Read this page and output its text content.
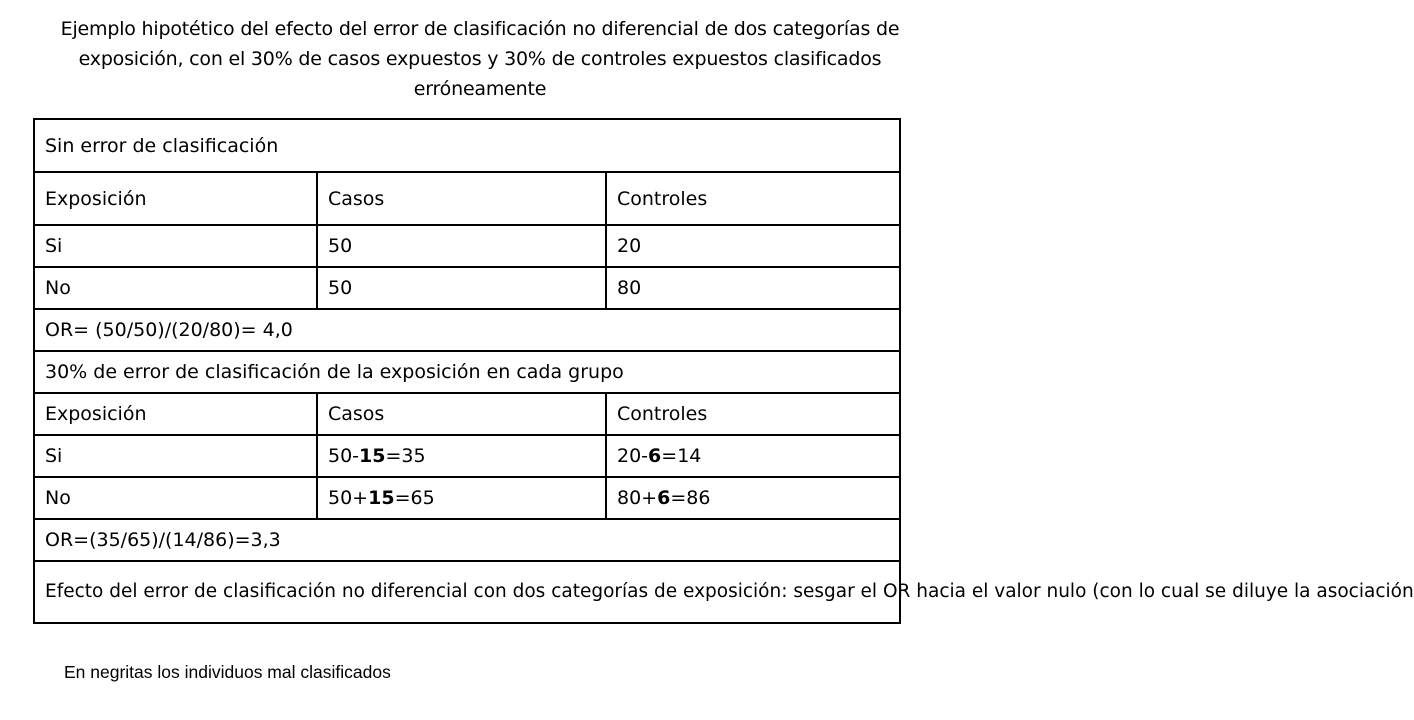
Ejemplo hipotético del efecto del error de clasificación no diferencial de dos categorías de exposición, con el 30% de casos expuestos y 30% de controles expuestos clasificados erróneamente
Sin error de clasificación		
Exposición	Casos	Controles
Si	50	20
No	50	80
OR= (50/50)/(20/80)= 4,0		
30% de error de clasificación de la exposición en cada grupo		
Exposición	Casos	Controles
Si	50-15=35	20-6=14
No	50+15=65	80+6=86
OR=(35/65)/(14/86)=3,3		
Efecto del error de clasificación no diferencial con dos categorías de exposición: sesgar el OR hacia el valor nulo (con lo cual se diluye la asociación		
En negritas los individuos mal clasificados
